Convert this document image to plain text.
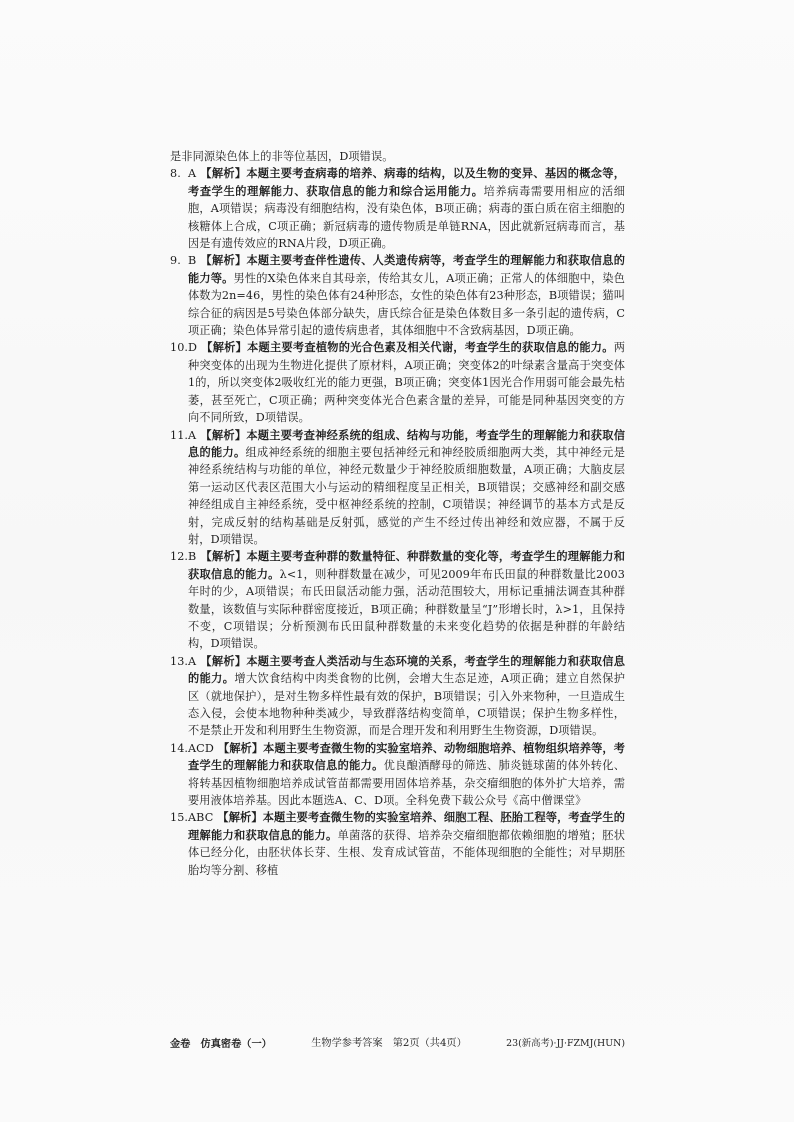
是非同源染色体上的非等位基因，D项错误。

8. A 【解析】本题主要考查病毒的培养、病毒的结构，以及生物的变异、基因的概念等，考查学生的理解能力、获取信息的能力和综合运用能力。培养病毒需要用相应的活细胞，A项错误；病毒没有细胞结构，没有染色体，B项正确；病毒的蛋白质在宿主细胞的核糖体上合成，C项正确；新冠病毒的遗传物质是单链RNA，因此就新冠病毒而言，基因是有遗传效应的RNA片段，D项正确。
9. B 【解析】本题主要考查伴性遗传、人类遗传病等，考查学生的理解能力和获取信息的能力等。男性的X染色体来自其母亲，传给其女儿，A项正确；正常人的体细胞中，染色体数为2n=46，男性的染色体有24种形态，女性的染色体有23种形态，B项错误；猫叫综合征的病因是5号染色体部分缺失，唐氏综合征是染色体数目多一条引起的遗传病，C项正确；染色体异常引起的遗传病患者，其体细胞中不含致病基因，D项正确。
10. D 【解析】本题主要考查植物的光合色素及相关代谢，考查学生的获取信息的能力。两种突变体的出现为生物进化提供了原材料，A项正确；突变体2的叶绿素含量高于突变体1的，所以突变体2吸收红光的能力更强，B项正确；突变体1因光合作用弱可能会最先枯萎，甚至死亡，C项正确；两种突变体光合色素含量的差异，可能是同种基因突变的方向不同所致，D项错误。
11. A 【解析】本题主要考查神经系统的组成、结构与功能，考查学生的理解能力和获取信息的能力。组成神经系统的细胞主要包括神经元和神经胶质细胞两大类，其中神经元是神经系统结构与功能的单位，神经元数量少于神经胶质细胞数量，A项正确；大脑皮层第一运动区代表区范围大小与运动的精细程度呈正相关，B项错误；交感神经和副交感神经组成自主神经系统，受中枢神经系统的控制，C项错误；神经调节的基本方式是反射，完成反射的结构基础是反射弧，感觉的产生不经过传出神经和效应器，不属于反射，D项错误。
12. B 【解析】本题主要考查种群的数量特征、种群数量的变化等，考查学生的理解能力和获取信息的能力。λ<1，则种群数量在减少，可见2009年布氏田鼠的种群数量比2003年时的少，A项错误；布氏田鼠活动能力强，活动范围较大，用标记重捕法调查其种群数量，该数值与实际种群密度接近，B项正确；种群数量呈“J”形增长时，λ>1，且保持不变，C项错误；分析预测布氏田鼠种群数量的未来变化趋势的依据是种群的年龄结构，D项错误。
13. A 【解析】本题主要考查人类活动与生态环境的关系，考查学生的理解能力和获取信息的能力。增大饮食结构中肉类食物的比例，会增大生态足迹，A项正确；建立自然保护区（就地保护），是对生物多样性最有效的保护，B项错误；引入外来物种，一旦造成生态入侵，会使本地物种种类减少，导致群落结构变简单，C项错误；保护生物多样性，不是禁止开发和利用野生生物资源，而是合理开发和利用野生生物资源，D项错误。
14. ACD 【解析】本题主要考查微生物的实验室培养、动物细胞培养、植物组织培养等，考查学生的理解能力和获取信息的能力。优良酿酒酵母的筛选、肺炎链球菌的体外转化、将转基因植物细胞培养成试管苗都需要用固体培养基，杂交瘤细胞的体外扩大培养，需要用液体培养基。因此本题选A、C、D项。全科免费下载公众号《高中僧课堂》
15. ABC 【解析】本题主要考查微生物的实验室培养、细胞工程、胚胎工程等，考查学生的理解能力和获取信息的能力。单菌落的获得、培养杂交瘤细胞都依赖细胞的增殖；胚状体已经分化，由胚状体长芽、生根、发育成试管苗，不能体现细胞的全能性；对早期胚胎均等分割、移植
金卷　仿真密卷（一）	生物学参考答案　第2页（共4页）	23(新高考)·JJ·FZMJ(HUN)
